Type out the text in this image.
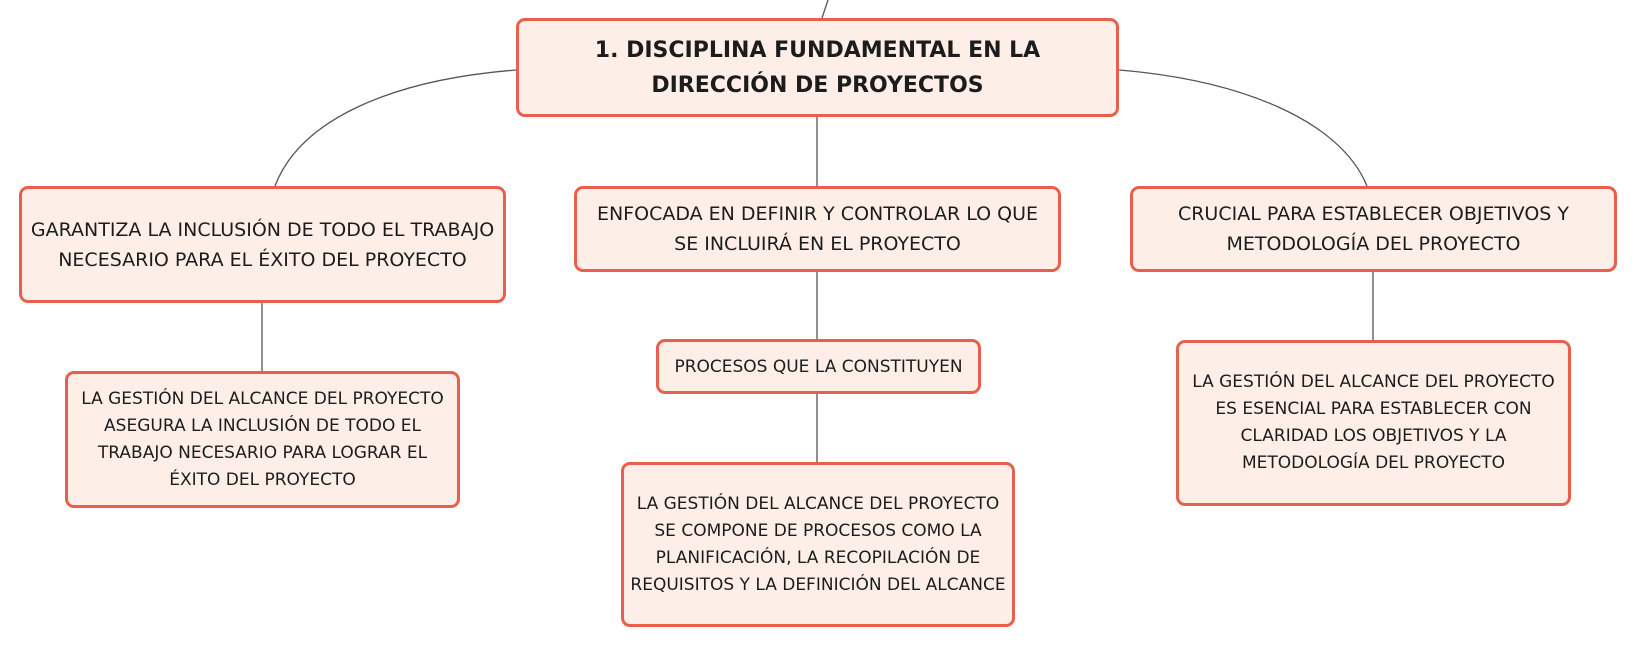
1. DISCIPLINA FUNDAMENTAL EN LA DIRECCIÓN DE PROYECTOS
GARANTIZA LA INCLUSIÓN DE TODO EL TRABAJO NECESARIO PARA EL ÉXITO DEL PROYECTO
ENFOCADA EN DEFINIR Y CONTROLAR LO QUE SE INCLUIRÁ EN EL PROYECTO
CRUCIAL PARA ESTABLECER OBJETIVOS Y METODOLOGÍA DEL PROYECTO
PROCESOS QUE LA CONSTITUYEN
LA GESTIÓN DEL ALCANCE DEL PROYECTO ASEGURA LA INCLUSIÓN DE TODO EL TRABAJO NECESARIO PARA LOGRAR EL ÉXITO DEL PROYECTO
LA GESTIÓN DEL ALCANCE DEL PROYECTO SE COMPONE DE PROCESOS COMO LA PLANIFICACIÓN, LA RECOPILACIÓN DE REQUISITOS Y LA DEFINICIÓN DEL ALCANCE
LA GESTIÓN DEL ALCANCE DEL PROYECTO ES ESENCIAL PARA ESTABLECER CON CLARIDAD LOS OBJETIVOS Y LA METODOLOGÍA DEL PROYECTO
